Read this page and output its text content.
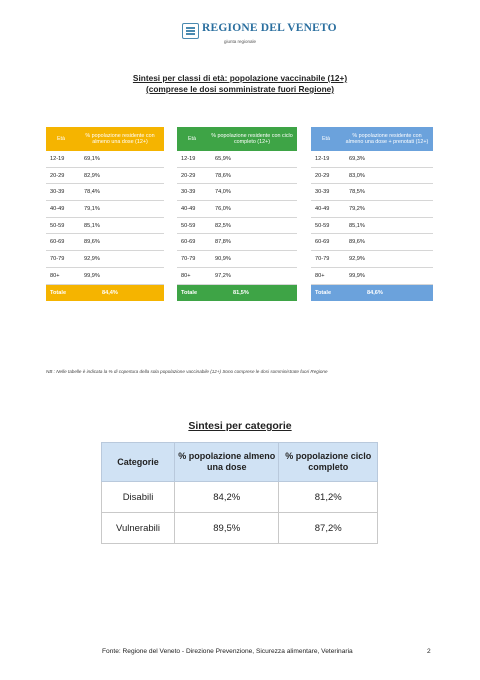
REGIONE DEL VENETO
giunta regionale
Sintesi per classi di età: popolazione vaccinabile (12+)
(comprese le dosi somministrate fuori Regione)
Età	% popolazione residente con almeno una dose (12+)
12-19	69,1%
20-29	82,9%
30-39	78,4%
40-49	79,1%
50-59	85,1%
60-69	89,6%
70-79	92,9%
80+	99,9%
Totale	84,4%
Età	% popolazione residente con ciclo completo (12+)
12-19	65,9%
20-29	78,6%
30-39	74,0%
40-49	76,0%
50-59	82,5%
60-69	87,8%
70-79	90,9%
80+	97,2%
Totale	81,5%
Età	% popolazione residente con almeno una dose + prenotati (12+)
12-19	69,3%
20-29	83,0%
30-39	78,5%
40-49	79,2%
50-59	85,1%
60-69	89,6%
70-79	92,9%
80+	99,9%
Totale	84,6%
NB : Nelle tabelle è indicata la % di copertura della sola popolazione vaccinabile (12+) Sono comprese le dosi somministrate fuori Regione
Sintesi per categorie
Categorie	% popolazione almeno una dose	% popolazione ciclo completo
Disabili	84,2%	81,2%
Vulnerabili	89,5%	87,2%
Fonte: Regione del Veneto - Direzione Prevenzione, Sicurezza alimentare, Veterinaria	2
